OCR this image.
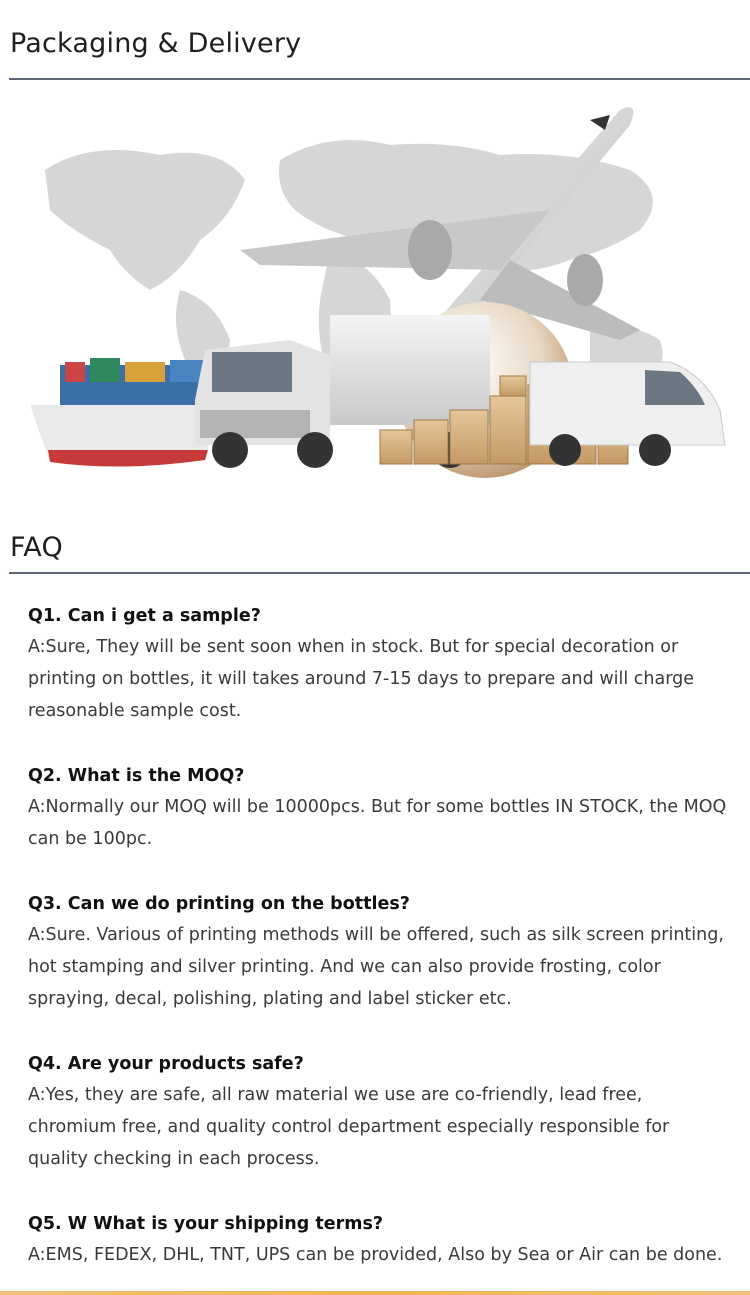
Packaging & Delivery
FAQ
Q1. Can i get a sample?
A:Sure, They will be sent soon when in stock. But for special decoration or printing on bottles, it will takes around 7-15 days to prepare and will charge reasonable sample cost.
Q2. What is the MOQ?
A:Normally our MOQ will be 10000pcs. But for some bottles IN STOCK, the MOQ can be 100pc.
Q3. Can we do printing on the bottles?
A:Sure. Various of printing methods will be offered, such as silk screen printing, hot stamping and silver printing. And we can also provide frosting, color spraying, decal, polishing, plating and label sticker etc.
Q4. Are your products safe?
A:Yes, they are safe, all raw material we use are co-friendly, lead free, chromium free, and quality control department especially responsible for quality checking in each process.
Q5. W What is your shipping terms?
A:EMS, FEDEX, DHL, TNT, UPS can be provided, Also by Sea or Air can be done.
